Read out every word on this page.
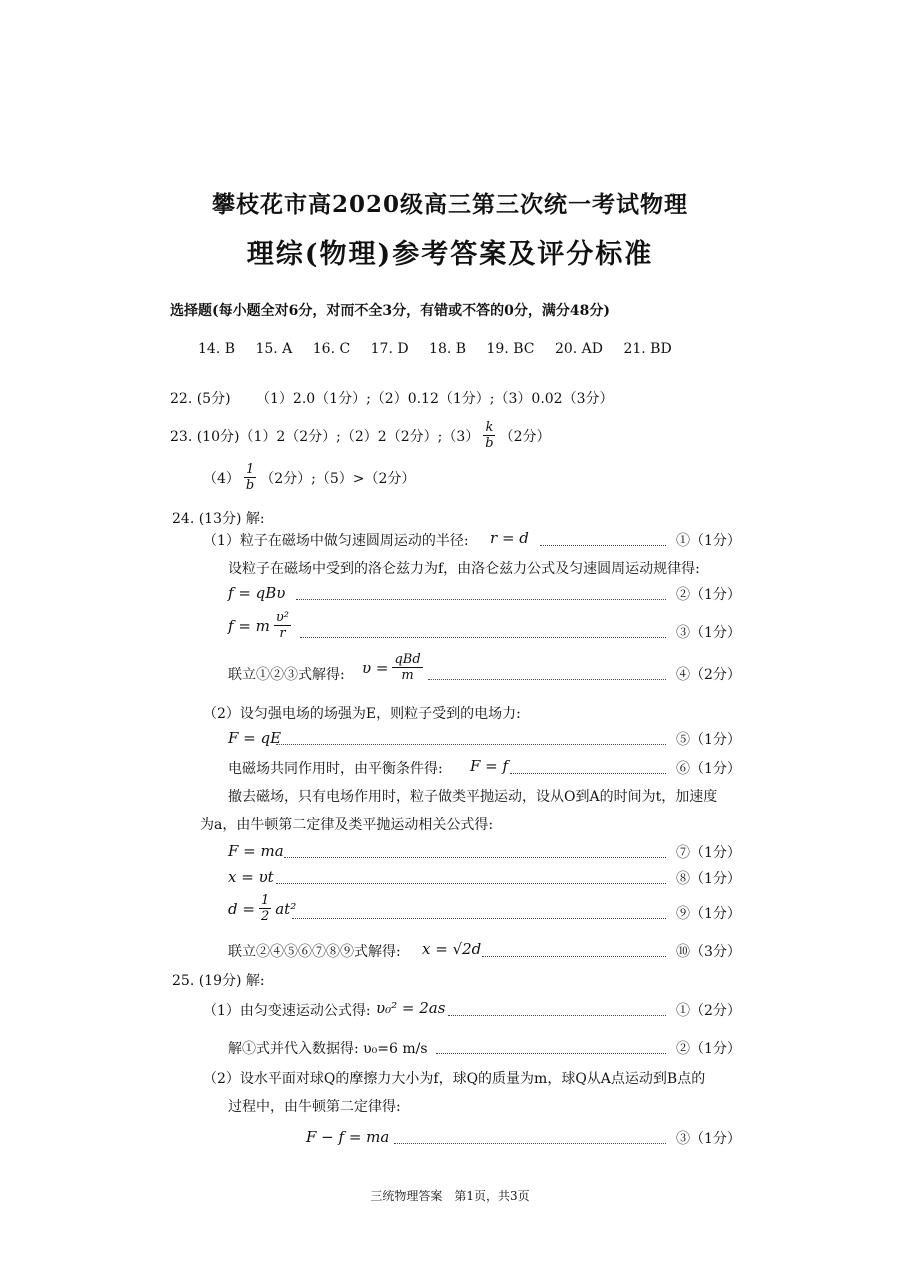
攀枝花市高2020级高三第三次统一考试物理
理综(物理)参考答案及评分标准
选择题(每小题全对6分，对而不全3分，有错或不答的0分，满分48分)
14. B 15. A 16. C 17. D 18. B 19. BC 20. AD 21. BD
22. (5分) （1）2.0（1分）;（2）0.12（1分）;（3）0.02（3分）
23. (10分)（1）2（2分）;（2）2（2分）;（3） $\frac{k}{b} (2$分）
$(4) \frac{1}{b} (2$分）;（5）>（2分）
24. (13分) 解:
（1）粒子在磁场中做匀速圆周运动的半径: r = d	①（1分）
设粒子在磁场中受到的洛仑兹力为f，由洛仑兹力公式及匀速圆周运动规律得:
f = qBυ	②（1分）
f = m $\frac{\text{υ²}}{r}$	③（1分）
联立①②③式解得: $\upsilon = \frac{\text{qBd}}{m}$	④（2分）
（2）设匀强电场的场强为E，则粒子受到的电场力:
F = qE	⑤（1分）
电磁场共同作用时，由平衡条件得: F = f	⑥（1分）
撤去磁场，只有电场作用时，粒子做类平抛运动，设从O到A的时间为t，加速度
为a，由牛顿第二定律及类平抛运动相关公式得:
F = ma	⑦（1分）
x = υt	⑧（1分）
$d = \frac{1}{2} at^2$	⑨（1分）
联立②④⑤⑥⑦⑧⑨式解得: x = √2d	⑩（3分）
25. (19分) 解:
（1）由匀变速运动公式得: υ₀² = 2as	①（2分）
解①式并代入数据得: υ₀=6 m/s	②（1分）
（2）设水平面对球Q的摩擦力大小为f，球Q的质量为m，球Q从A点运动到B点的
过程中，由牛顿第二定律得:
F − f = ma	③（1分）
三统物理答案　第1页，共3页
